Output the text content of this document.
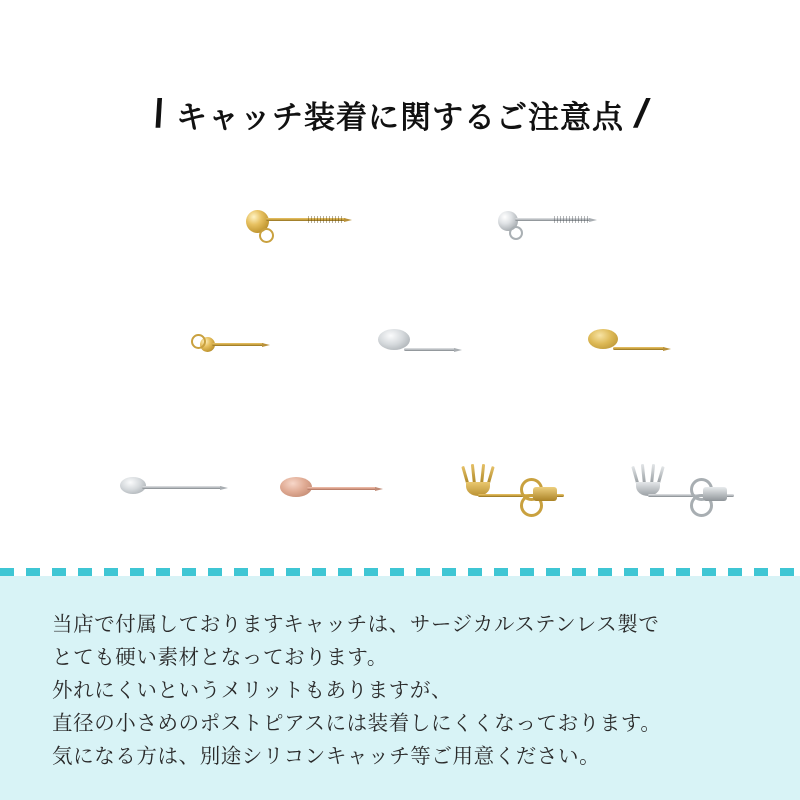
\ キャッチ装着に関するご注意点 /
当店で付属しておりますキャッチは、サージカルステンレス製で
とても硬い素材となっております。
外れにくいというメリットもありますが、
直径の小さめのポストピアスには装着しにくくなっております。
気になる方は、別途シリコンキャッチ等ご用意ください。
